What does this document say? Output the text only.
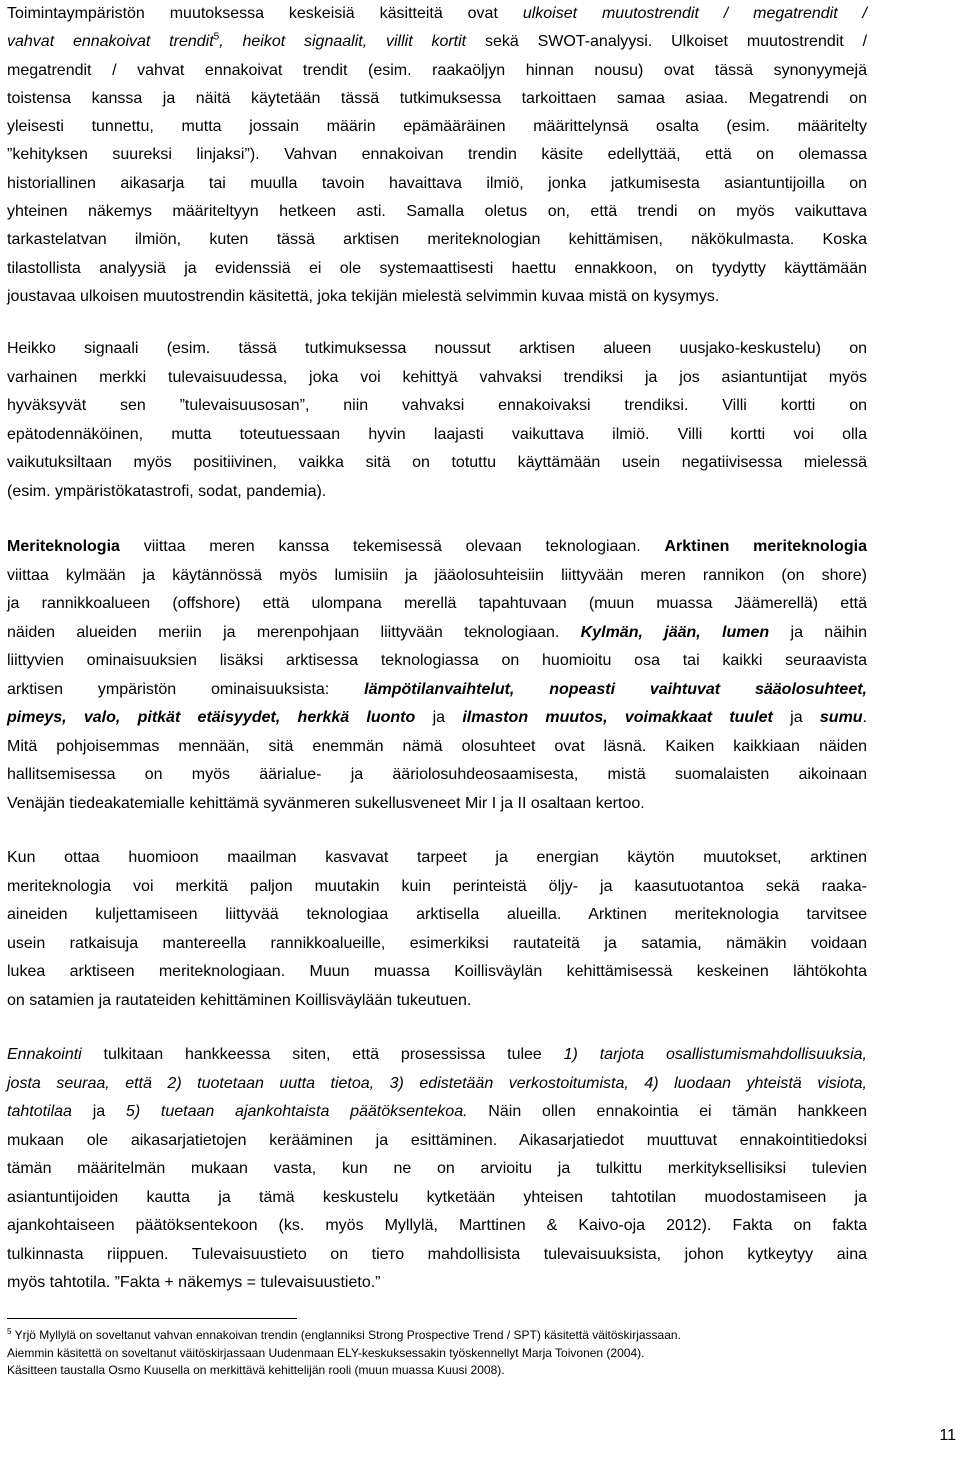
Toimintaympäristön muutoksessa keskeisiä käsitteitä ovat ulkoiset muutostrendit / megatrendit /
vahvat ennakoivat trendit$^5$, heikot signaalit, villit kortit sekä SWOT-analyysi. Ulkoiset muutostrendit /
megatrendit / vahvat ennakoivat trendit (esim. raakaöljyn hinnan nousu) ovat tässä synonyymejä
toistensa kanssa ja näitä käytetään tässä tutkimuksessa tarkoittaen samaa asiaa. Megatrendi on
yleisesti tunnettu, mutta jossain määrin epämääräinen määrittelynsä osalta (esim. määritelty
”kehityksen suureksi linjaksi”). Vahvan ennakoivan trendin käsite edellyttää, että on olemassa
historiallinen aikasarja tai muulla tavoin havaittava ilmiö, jonka jatkumisesta asiantuntijoilla on
yhteinen näkemys määriteltyyn hetkeen asti. Samalla oletus on, että trendi on myös vaikuttava
tarkastelatvan ilmiön, kuten tässä arktisen meriteknologian kehittämisen, näkökulmasta. Koska
tilastollista analyysiä ja evidenssiä ei ole systemaattisesti haettu ennakkoon, on tyydytty käyttämään
joustavaa ulkoisen muutostrendin käsitettä, joka tekijän mielestä selvimmin kuvaa mistä on kysymys.
Heikko signaali (esim. tässä tutkimuksessa noussut arktisen alueen uusjako-keskustelu) on
varhainen merkki tulevaisuudessa, joka voi kehittyä vahvaksi trendiksi ja jos asiantuntijat myös
hyväksyvät sen ”tulevaisuusosan”, niin vahvaksi ennakoivaksi trendiksi. Villi kortti on
epätodennäköinen, mutta toteutuessaan hyvin laajasti vaikuttava ilmiö. Villi kortti voi olla
vaikutuksiltaan myös positiivinen, vaikka sitä on totuttu käyttämään usein negatiivisessa mielessä
(esim. ympäristökatastrofi, sodat, pandemia).
Meriteknologia viittaa meren kanssa tekemisessä olevaan teknologiaan. Arktinen meriteknologia
viittaa kylmään ja käytännössä myös lumisiin ja jääolosuhteisiin liittyvään meren rannikon (on shore)
ja rannikkoalueen (offshore) että ulompana merellä tapahtuvaan (muun muassa Jäämerellä) että
näiden alueiden meriin ja merenpohjaan liittyvään teknologiaan. Kylmän, jään, lumen ja näihin
liittyvien ominaisuuksien lisäksi arktisessa teknologiassa on huomioitu osa tai kaikki seuraavista
arktisen ympäristön ominaisuuksista: lämpötilanvaihtelut, nopeasti vaihtuvat sääolosuhteet,
pimeys, valo, pitkät etäisyydet, herkkä luonto ja ilmaston muutos, voimakkaat tuulet ja sumu.
Mitä pohjoisemmas mennään, sitä enemmän nämä olosuhteet ovat läsnä. Kaiken kaikkiaan näiden
hallitsemisessa on myös äärialue- ja ääriolosuhdeosaamisesta, mistä suomalaisten aikoinaan
Venäjän tiedeakatemialle kehittämä syvänmeren sukellusveneet Mir I ja II osaltaan kertoo.
Kun ottaa huomioon maailman kasvavat tarpeet ja energian käytön muutokset, arktinen
meriteknologia voi merkitä paljon muutakin kuin perinteistä öljy- ja kaasutuotantoa sekä raaka-
aineiden kuljettamiseen liittyvää teknologiaa arktisella alueilla. Arktinen meriteknologia tarvitsee
usein ratkaisuja mantereella rannikkoalueille, esimerkiksi rautateitä ja satamia, nämäkin voidaan
lukea arktiseen meriteknologiaan. Muun muassa Koillisväylän kehittämisessä keskeinen lähtökohta
on satamien ja rautateiden kehittäminen Koillisväylään tukeutuen.
Ennakointi tulkitaan hankkeessa siten, että prosessissa tulee 1) tarjota osallistumismahdollisuuksia,
josta seuraa, että 2) tuotetaan uutta tietoa, 3) edistetään verkostoitumista, 4) luodaan yhteistä visiota,
tahtotilaa ja 5) tuetaan ajankohtaista päätöksentekoa. Näin ollen ennakointia ei tämän hankkeen
mukaan ole aikasarjatietojen kerääminen ja esittäminen. Aikasarjatiedot muuttuvat ennakointitiedoksi
tämän määritelmän mukaan vasta, kun ne on arvioitu ja tulkittu merkityksellisiksi tulevien
asiantuntijoiden kautta ja tämä keskustelu kytketään yhteisen tahtotilan muodostamiseen ja
ajankohtaiseen päätöksentekoon (ks. myös Myllylä, Marttinen & Kaivo-oja 2012). Fakta on fakta
tulkinnasta riippuen. Tulevaisuustieto on tiето mahdollisista tulevaisuuksista, johon kytkeytyy aina
myös tahtotila. ”Fakta + näkemys = tulevaisuustieto.”
$^5$ Yrjö Myllylä on soveltanut vahvan ennakoivan trendin (englanniksi Strong Prospective Trend / SPT) käsitettä väitöskirjassaan.
Aiemmin käsitettä on soveltanut väitöskirjassaan Uudenmaan ELY-keskuksessakin työskennellyt Marja Toivonen (2004).
Käsitteen taustalla Osmo Kuusella on merkittävä kehittelijän rooli (muun muassa Kuusi 2008).
11
